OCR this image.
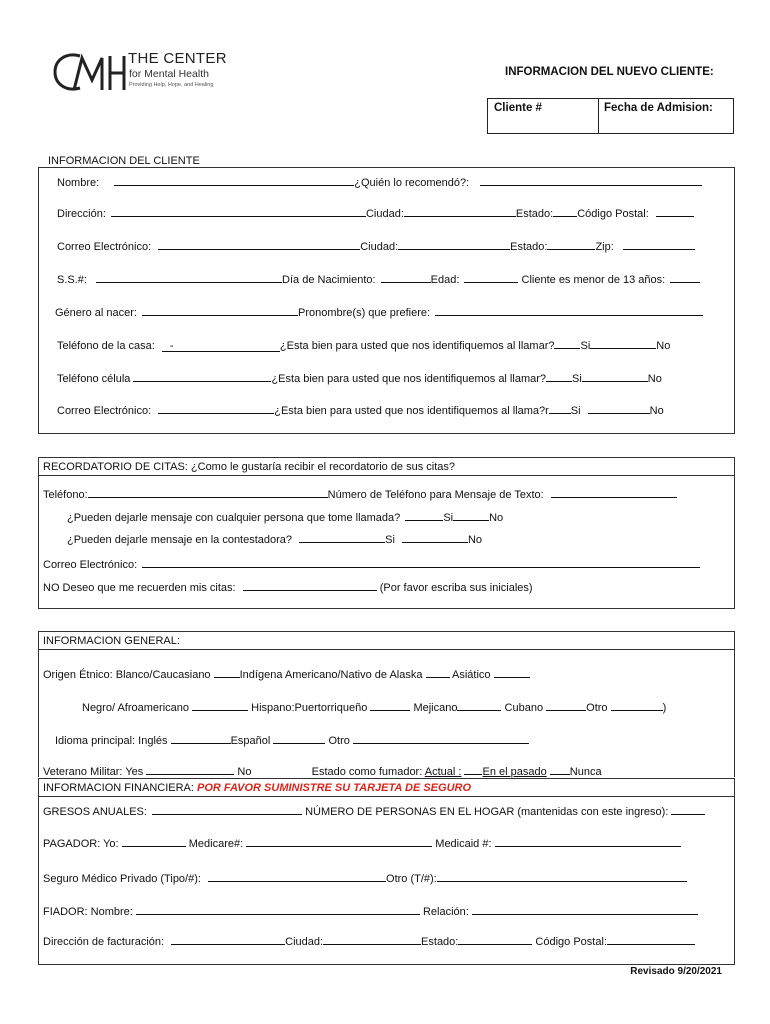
THE CENTER
for Mental Health
Providing Help, Hope, and Healing
INFORMACION DEL NUEVO CLIENTE:
Cliente #	Fecha de Admision:
INFORMACION DEL CLIENTE
Nombre:	¿Quién lo recomendó?:
Dirección:	Ciudad:	Estado: Código Postal:
Correo Electrónico:	Ciudad:	Estado:	Zip:
S.S.#:	Día de Nacimiento:	Edad:	Cliente es menor de 13 años:
Género al nacer:	Pronombre(s) que prefiere:
Teléfono de la casa: -	¿Esta bien para usted que nos identifiquemos al llamar? Si	No
Teléfono célula	¿Esta bien para usted que nos identifiquemos al llamar? Si	No
Correo Electrónico:	¿Esta bien para usted que nos identifiquemos al llama?r Si	No
RECORDATORIO DE CITAS: ¿Como le gustaría recibir el recordatorio de sus citas?
Teléfono:	Número de Teléfono para Mensaje de Texto:
¿Pueden dejarle mensaje con cualquier persona que tome llamada?	Si	No
¿Pueden dejarle mensaje en la contestadora?	Si	No
Correo Electrónico:
NO Deseo que me recuerden mis citas:	(Por favor escriba sus iniciales)
INFORMACION GENERAL:
Origen Étnico: Blanco/Caucasiano	Indígena Americano/Nativo de Alaska	Asiático
Negro/ Afroamericano	Hispano:Puertorriqueño	Mejicano	Cubano	Otro	)
Idioma principal: Inglés	Español	Otro
Veterano Militar: Yes	No	Estado como fumador: Actual : En el pasado Nunca
INFORMACION FINANCIERA: POR FAVOR SUMINISTRE SU TARJETA DE SEGURO
GRESOS ANUALES:	NÚMERO DE PERSONAS EN EL HOGAR (mantenidas con este ingreso):
PAGADOR: Yo:	Medicare#:	Medicaid #:
Seguro Médico Privado (Tipo/#):	Otro (T/#):
FIADOR: Nombre:	Relación:
Dirección de facturación:	Ciudad:	Estado:	Código Postal:
Revisado 9/20/2021
